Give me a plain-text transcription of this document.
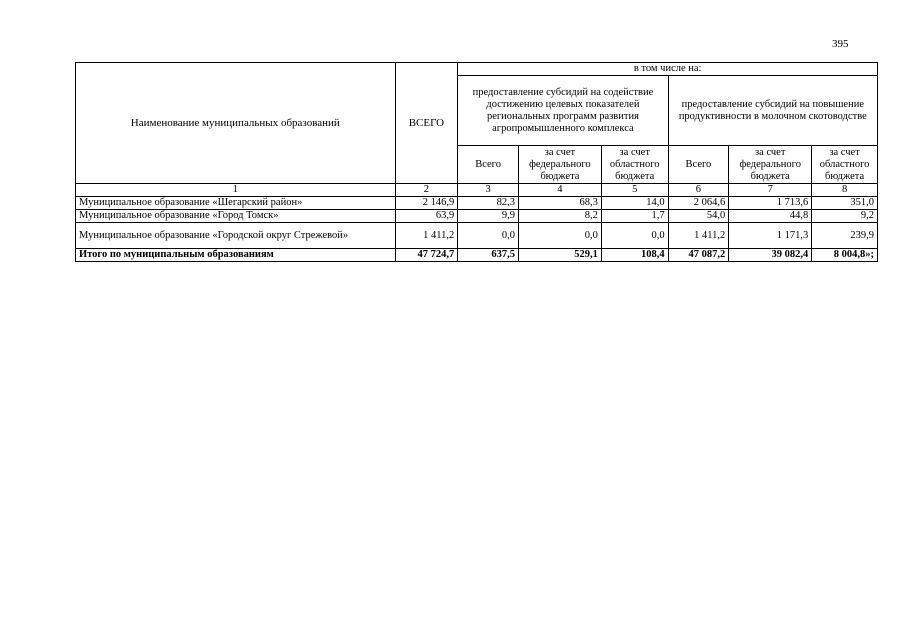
395
Наименование муниципальных образований	ВСЕГО	в том числе на:					
		предоставление субсидий на содействие достижению целевых показателей региональных программ развития агропромышленного комплекса			предоставление субсидий на повышение продуктивности в молочном скотоводстве		
		Всего	за счет федерального бюджета	за счет областного бюджета	Всего	за счет федерального бюджета	за счет областного бюджета
1	2	3	4	5	6	7	8
Муниципальное образование «Шегарский район»	2 146,9	82,3	68,3	14,0	2 064,6	1 713,6	351,0
Муниципальное образование «Город Томск»	63,9	9,9	8,2	1,7	54,0	44,8	9,2
Муниципальное образование «Городской округ Стрежевой»	1 411,2	0,0	0,0	0,0	1 411,2	1 171,3	239,9
Итого по муниципальным образованиям	47 724,7	637,5	529,1	108,4	47 087,2	39 082,4	8 004,8»;
